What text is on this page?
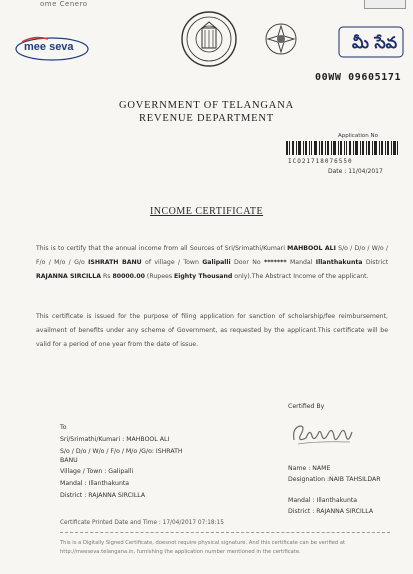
ome Cenero
mee seva	మీ సేవ
00WW 09605171
GOVERNMENT OF TELANGANA
REVENUE DEPARTMENT
Application No
ICO21718076550
Date : 11/04/2017
INCOME CERTIFICATE
This is to certify that the annual income from all Sources of Sri/Srimathi/Kumari MAHBOOL ALI S/o / D/o / W/o / F/o / M/o / G/o ISHRATH BANU of village / Town Galipalli Door No ******* Mandal Illanthakunta District RAJANNA SIRCILLA Rs 80000.00 (Rupees Eighty Thousand only).The Abstract Income of the applicant.
This certificate is issued for the purpose of filing application for sanction of scholarship/fee reimbursement, availment of benefits under any scheme of Government, as requested by the applicant.This certificate will be valid for a period of one year from the date of issue.
Certified By
To
Sri/Srimathi/Kumari : MAHBOOL ALI
S/o / D/o / W/o / F/o / M/o /G/o: ISHRATH
BANU
Village / Town : Galipalli
Mandal : Illanthakunta
District : RAJANNA SIRCILLA
Name : NAME
Designation :NAIB TAHSILDAR
Mandal : Illanthakunta
District : RAJANNA SIRCILLA
Certificate Printed Date and Time : 17/04/2017 07:18:15
This is a Digitally Signed Certificate, doesnot require physical signature. And this certificate can be verified at
http://meeseva.telangana.in, furnishing the application number mentioned in the certificate.
